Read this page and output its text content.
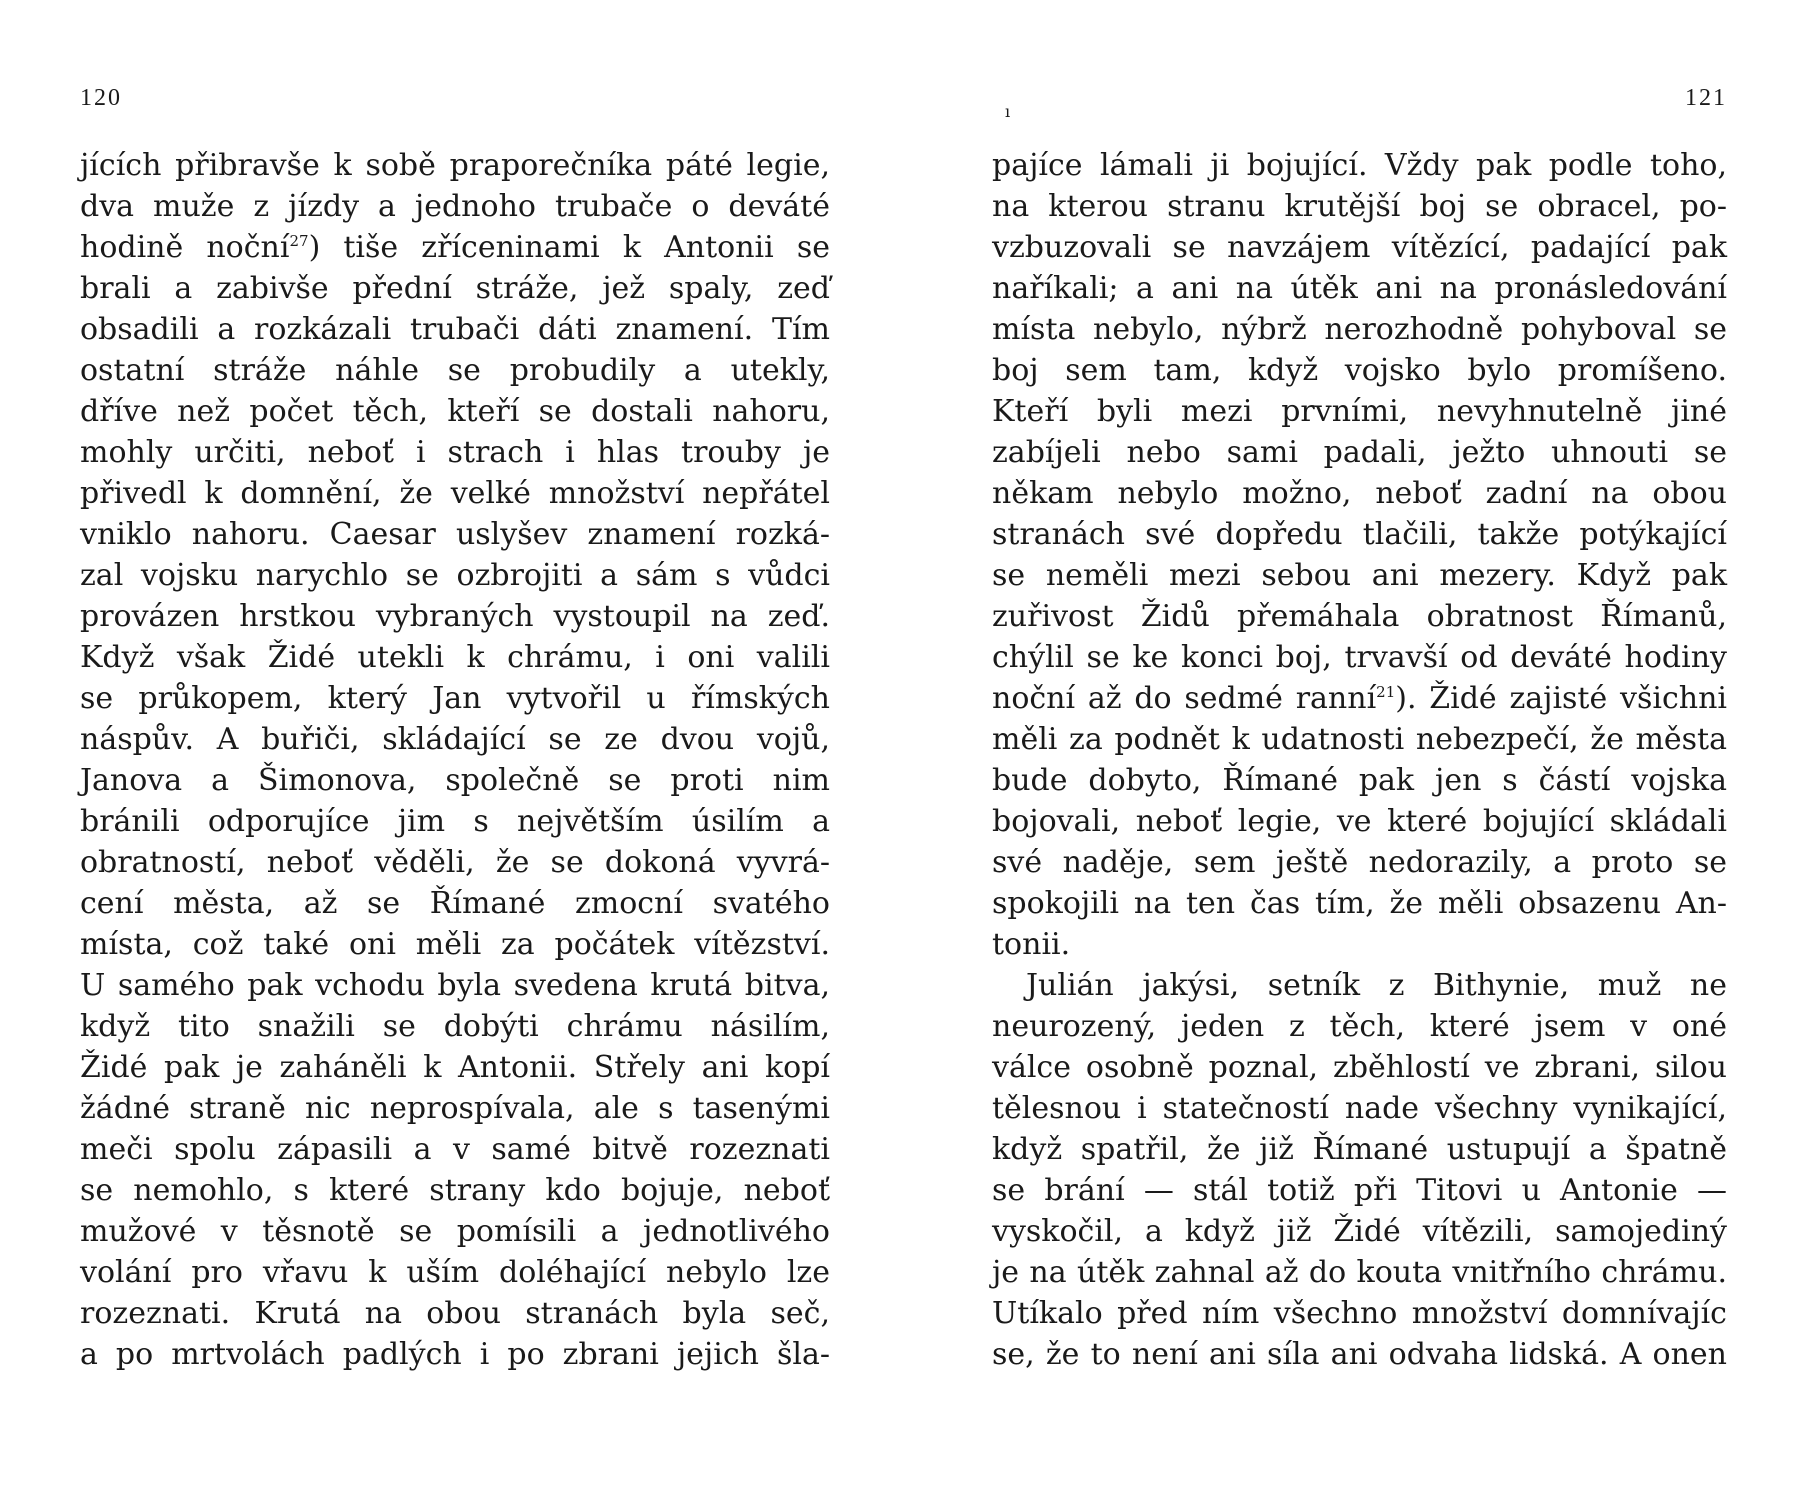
120
jících přibravše k sobě praporečníka páté legie,
dva muže z jízdy a jednoho trubače o deváté
hodině noční$^{27}$) tiše zříceninami k Antonii se
brali a zabivše přední stráže, jež spaly, zeď
obsadili a rozkázali trubači dáti znamení. Tím
ostatní stráže náhle se probudily a utekly,
dříve než počet těch, kteří se dostali nahoru,
mohly určiti, neboť i strach i hlas trouby je
přivedl k domnění, že velké množství nepřátel
vniklo nahoru. Caesar uslyšev znamení rozká-
zal vojsku narychlo se ozbrojiti a sám s vůdci
provázen hrstkou vybraných vystoupil na zeď.
Když však Židé utekli k chrámu, i oni valili
se průkopem, který Jan vytvořil u římských
náspův. A buřiči, skládající se ze dvou vojů,
Janova a Šimonova, společně se proti nim
bránili odporujíce jim s největším úsilím a
obratností, neboť věděli, že se dokoná vyvrá-
cení města, až se Římané zmocní svatého
místa, což také oni měli za počátek vítězství.
U samého pak vchodu byla svedena krutá bitva,
když tito snažili se dobýti chrámu násilím,
Židé pak je zaháněli k Antonii. Střely ani kopí
žádné straně nic neprospívala, ale s tasenými
meči spolu zápasili a v samé bitvě rozeznati
se nemohlo, s které strany kdo bojuje, neboť
mužové v těsnotě se pomísili a jednotlivého
volání pro vřavu k uším doléhající nebylo lze
rozeznati. Krutá na obou stranách byla seč,
a po mrtvolách padlých i po zbrani jejich šla-
ı
121
pajíce lámali ji bojující. Vždy pak podle toho,
na kterou stranu krutější boj se obracel, po-
vzbuzovali se navzájem vítězící, padající pak
naříkali; a ani na útěk ani na pronásledování
místa nebylo, nýbrž nerozhodně pohyboval se
boj sem tam, když vojsko bylo promíšeno.
Kteří byli mezi prvními, nevyhnutelně jiné
zabíjeli nebo sami padali, ježto uhnouti se
někam nebylo možno, neboť zadní na obou
stranách své dopředu tlačili, takže potýkající
se neměli mezi sebou ani mezery. Když pak
zuřivost Židů přemáhala obratnost Římanů,
chýlil se ke konci boj, trvavší od deváté hodiny
noční až do sedmé ranní$^{21}$). Židé zajisté všichni
měli za podnět k udatnosti nebezpečí, že města
bude dobyto, Římané pak jen s částí vojska
bojovali, neboť legie, ve které bojující skládali
své naděje, sem ještě nedorazily, a proto se
spokojili na ten čas tím, že měli obsazenu An-
tonii.
Julián jakýsi, setník z Bithynie, muž ne
neurozený, jeden z těch, které jsem v oné
válce osobně poznal, zběhlostí ve zbrani, silou
tělesnou i statečností nade všechny vynikající,
když spatřil, že již Římané ustupují a špatně
se brání — stál totiž při Titovi u Antonie —
vyskočil, a když již Židé vítězili, samojediný
je na útěk zahnal až do kouta vnitřního chrámu.
Utíkalo před ním všechno množství domnívajíc
se, že to není ani síla ani odvaha lidská. A onen
